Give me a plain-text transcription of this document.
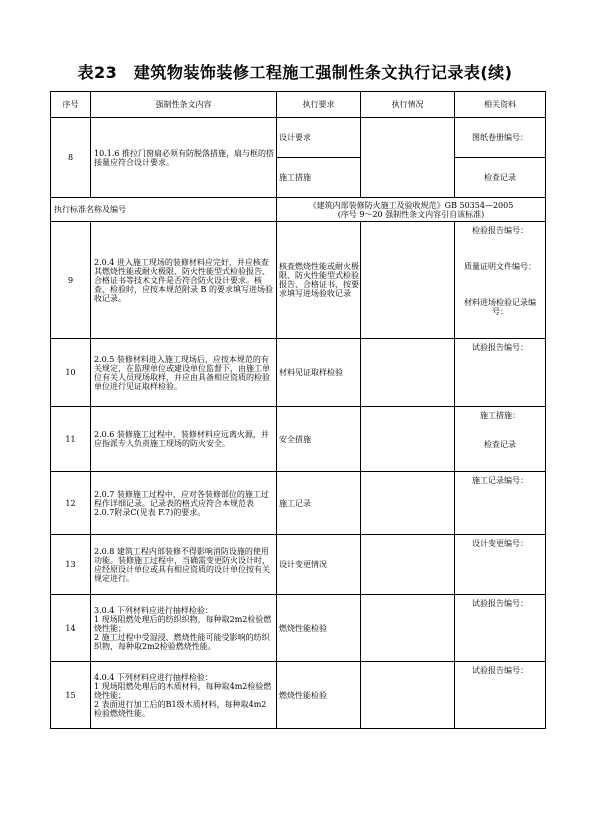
表23　建筑物装饰装修工程施工强制性条文执行记录表(续)
序号	强制性条文内容	执行要求	执行情况	相关资料
8	10.1.6 推拉门窗扇必须有防脱落措施，扇与框的搭接量应符合设计要求。	设计要求		图纸卷册编号：
		施工措施		检查记录
执行标准名称及编号		《建筑内部装修防火施工及验收规范》GB 50354—2005
(序号 9～20 强制性条文内容引自该标准)		

9	2.0.4 进入施工现场的装修材料应完好，并应核查其燃烧性能或耐火极限、防火性能型式检验报告、合格证书等技术文件是否符合防火设计要求。核查、检验时，应按本规范附录 B 的要求填写进场验收记录。	核查燃烧性能或耐火极限、防火性能型式检验报告、合格证书，按要求填写进场验收记录		检验报告编号：
质量证明文件编号：
材料进场检验记录编号：

10	2.0.5 装修材料进入施工现场后，应按本规范的有关规定，在监理单位或建设单位监督下，由施工单位有关人员现场取样，并应由具备相应资质的检验单位进行见证取样检验。	材料见证取样检验		试验报告编号：

11	2.0.6 装修施工过程中，装修材料应远离火源，并应指派专人负责施工现场的防火安全。	安全措施		施工措施：
检查记录

12	2.0.7 装修施工过程中，应对各装修部位的施工过程作详细记录。记录表的格式应符合本规范表2.0.7附录C(见表 F.7)的要求。	施工记录		施工记录编号：

13	2.0.8 建筑工程内部装修不得影响消防设施的使用功能。装修施工过程中，当确需变更防火设计时，应经原设计单位或具有相应资质的设计单位按有关规定进行。	设计变更情况		设计变更编号：

14	3.0.4 下列材料应进行抽样检验：
1 现场阻燃处理后的纺织织物，每种取2m2检验燃烧性能；
2 施工过程中受湿浸、燃烧性能可能受影响的纺织织物，每种取2m2检验燃烧性能。	燃烧性能检验		试验报告编号：

15	4.0.4 下列材料应进行抽样检验：
1 现场阻燃处理后的木质材料，每种取4m2检验燃烧性能；
2 表面进行加工后的B1级木质材料，每种取4m2检验燃烧性能。	燃烧性能检验		试验报告编号：
